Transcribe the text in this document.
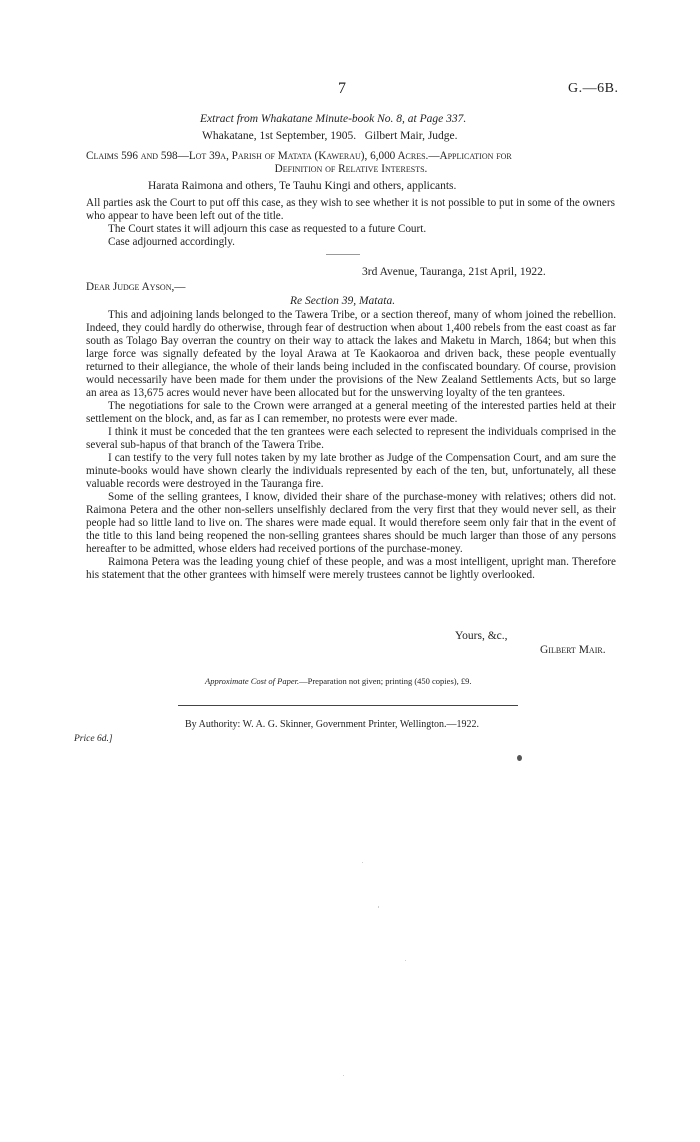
7	G.—6B.
Extract from Whakatane Minute-book No. 8, at Page 337.
Whakatane, 1st September, 1905.   Gilbert Mair, Judge.
Claims 596 and 598—Lot 39a, Parish of Matata (Kawerau), 6,000 Acres.—Application for
Definition of Relative Interests.
Harata Raimona and others, Te Tauhu Kingi and others, applicants.

All parties ask the Court to put off this case, as they wish to see whether it is not possible to put in some of the owners who appear to have been left out of the title.

The Court states it will adjourn this case as requested to a future Court.

Case adjourned accordingly.

3rd Avenue, Tauranga, 21st April, 1922.
Dear Judge Ayson,—
Re Section 39, Matata.

This and adjoining lands belonged to the Tawera Tribe, or a section thereof, many of whom joined the rebellion. Indeed, they could hardly do otherwise, through fear of destruction when about 1,400 rebels from the east coast as far south as Tolago Bay overran the country on their way to attack the lakes and Maketu in March, 1864; but when this large force was signally defeated by the loyal Arawa at Te Kaokaoroa and driven back, these people eventually returned to their allegiance, the whole of their lands being included in the confiscated boundary. Of course, provision would necessarily have been made for them under the provisions of the New Zealand Settlements Acts, but so large an area as 13,675 acres would never have been allocated but for the unswerving loyalty of the ten grantees.

The negotiations for sale to the Crown were arranged at a general meeting of the interested parties held at their settlement on the block, and, as far as I can remember, no protests were ever made.

I think it must be conceded that the ten grantees were each selected to represent the individuals comprised in the several sub-hapus of that branch of the Tawera Tribe.

I can testify to the very full notes taken by my late brother as Judge of the Compensation Court, and am sure the minute-books would have shown clearly the individuals represented by each of the ten, but, unfortunately, all these valuable records were destroyed in the Tauranga fire.

Some of the selling grantees, I know, divided their share of the purchase-money with relatives; others did not. Raimona Petera and the other non-sellers unselfishly declared from the very first that they would never sell, as their people had so little land to live on. The shares were made equal. It would therefore seem only fair that in the event of the title to this land being reopened the non-selling grantees shares should be much larger than those of any persons hereafter to be admitted, whose elders had received portions of the purchase-money.

Raimona Petera was the leading young chief of these people, and was a most intelligent, upright man. Therefore his statement that the other grantees with himself were merely trustees cannot be lightly overlooked.

Yours, &c.,
Gilbert Mair.
Approximate Cost of Paper.—Preparation not given; printing (450 copies), £9.
By Authority: W. A. G. Skinner, Government Printer, Wellington.—1922.
Price 6d.]
